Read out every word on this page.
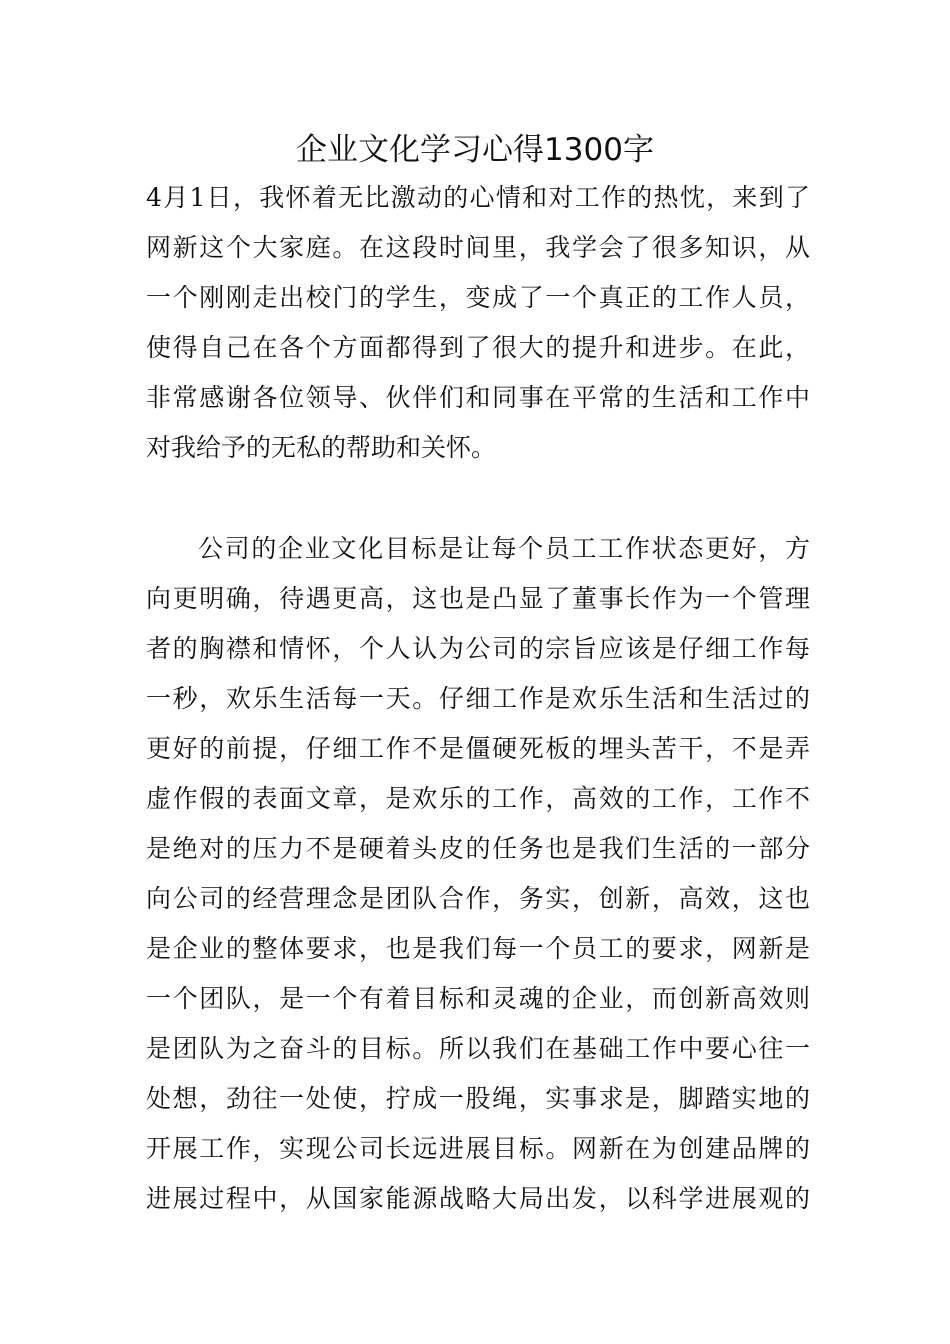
企业文化学习心得1300字
4月1日，我怀着无比激动的心情和对工作的热忱，来到了
网新这个大家庭。在这段时间里，我学会了很多知识，从
一个刚刚走出校门的学生，变成了一个真正的工作人员，
使得自己在各个方面都得到了很大的提升和进步。在此，
非常感谢各位领导、伙伴们和同事在平常的生活和工作中
对我给予的无私的帮助和关怀。
公司的企业文化目标是让每个员工工作状态更好，方
向更明确，待遇更高，这也是凸显了董事长作为一个管理
者的胸襟和情怀，个人认为公司的宗旨应该是仔细工作每
一秒，欢乐生活每一天。仔细工作是欢乐生活和生活过的
更好的前提，仔细工作不是僵硬死板的埋头苦干，不是弄
虚作假的表面文章，是欢乐的工作，高效的工作，工作不
是绝对的压力不是硬着头皮的任务也是我们生活的一部分
向公司的经营理念是团队合作，务实，创新，高效，这也
是企业的整体要求，也是我们每一个员工的要求，网新是
一个团队，是一个有着目标和灵魂的企业，而创新高效则
是团队为之奋斗的目标。所以我们在基础工作中要心往一
处想，劲往一处使，拧成一股绳，实事求是，脚踏实地的
开展工作，实现公司长远进展目标。网新在为创建品牌的
进展过程中，从国家能源战略大局出发，以科学进展观的
